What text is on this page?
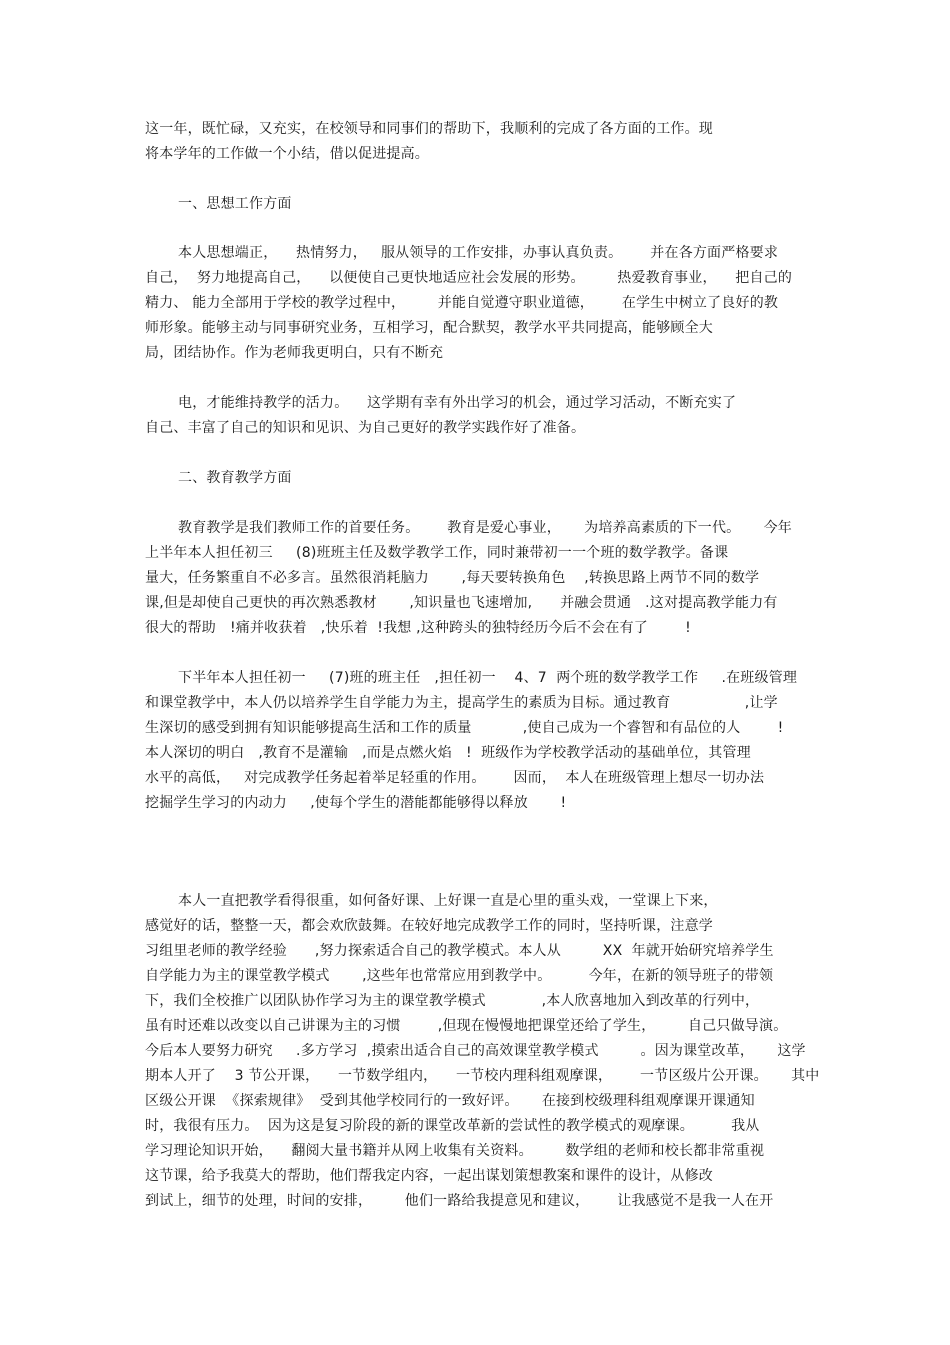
这一年，既忙碌，又充实，在校领导和同事们的帮助下，我顺利的完成了各方面的工作。现
将本学年的工作做一个小结，借以促进提高。
一、思想工作方面
本人思想端正，    热情努力，   服从领导的工作安排，办事认真负责。      并在各方面严格要求
自己，  努力地提高自己，    以便使自己更快地适应社会发展的形势。       热爱教育事业，    把自己的
精力、 能力全部用于学校的教学过程中，       并能自觉遵守职业道德，      在学生中树立了良好的教
师形象。能够主动与同事研究业务，互相学习，配合默契，教学水平共同提高，能够顾全大
局，团结协作。作为老师我更明白，只有不断充
电，才能维持教学的活力。    这学期有幸有外出学习的机会，通过学习活动，不断充实了
自己、丰富了自己的知识和见识、为自己更好的教学实践作好了准备。
二、教育教学方面
教育教学是我们教师工作的首要任务。      教育是爱心事业，     为培养高素质的下一代。     今年
上半年本人担任初三     (8)班班主任及数学教学工作，同时兼带初一一个班的数学教学。备课
量大，任务繁重自不必多言。虽然很消耗脑力       ,每天要转换角色    ,转换思路上两节不同的数学
课,但是却使自己更快的再次熟悉教材       ,知识量也飞速增加,      并融会贯通   .这对提高教学能力有
很大的帮助   !痛并收获着   ,快乐着  !我想 ,这种跨头的独特经历今后不会在有了        !
下半年本人担任初一     (7)班的班主任   ,担任初一    4、7  两个班的数学教学工作     .在班级管理
和课堂教学中，本人仍以培养学生自学能力为主，提高学生的素质为目标。通过教育                ,让学
生深切的感受到拥有知识能够提高生活和工作的质量           ,使自己成为一个睿智和有品位的人        !
本人深切的明白   ,教育不是灌输   ,而是点燃火焰   !  班级作为学校教学活动的基础单位，其管理
水平的高低，   对完成教学任务起着举足轻重的作用。      因而，  本人在班级管理上想尽一切办法
挖掘学生学习的内动力     ,使每个学生的潜能都能够得以释放       !
本人一直把教学看得很重，如何备好课、上好课一直是心里的重头戏，一堂课上下来，
感觉好的话，整整一天，都会欢欣鼓舞。在较好地完成教学工作的同时，坚持听课，注意学
习组里老师的教学经验      ,努力探索适合自己的教学模式。本人从         XX  年就开始研究培养学生
自学能力为主的课堂教学模式       ,这些年也常常应用到教学中。        今年，在新的领导班子的带领
下，我们全校推广以团队协作学习为主的课堂教学模式            ,本人欣喜地加入到改革的行列中，
虽有时还难以改变以自己讲课为主的习惯        ,但现在慢慢地把课堂还给了学生，       自己只做导演。
今后本人要努力研究     .多方学习  ,摸索出适合自己的高效课堂教学模式         。因为课堂改革，     这学
期本人开了    3 节公开课，    一节数学组内，    一节校内理科组观摩课，      一节区级片公开课。     其中
区级公开课  《探索规律》  受到其他学校同行的一致好评。     在接到校级理科组观摩课开课通知
时，我很有压力。  因为这是复习阶段的新的课堂改革新的尝试性的教学模式的观摩课。        我从
学习理论知识开始，    翻阅大量书籍并从网上收集有关资料。       数学组的老师和校长都非常重视
这节课，给予我莫大的帮助，他们帮我定内容，一起出谋划策想教案和课件的设计，从修改
到试上，细节的处理，时间的安排，       他们一路给我提意见和建议，      让我感觉不是我一人在开
